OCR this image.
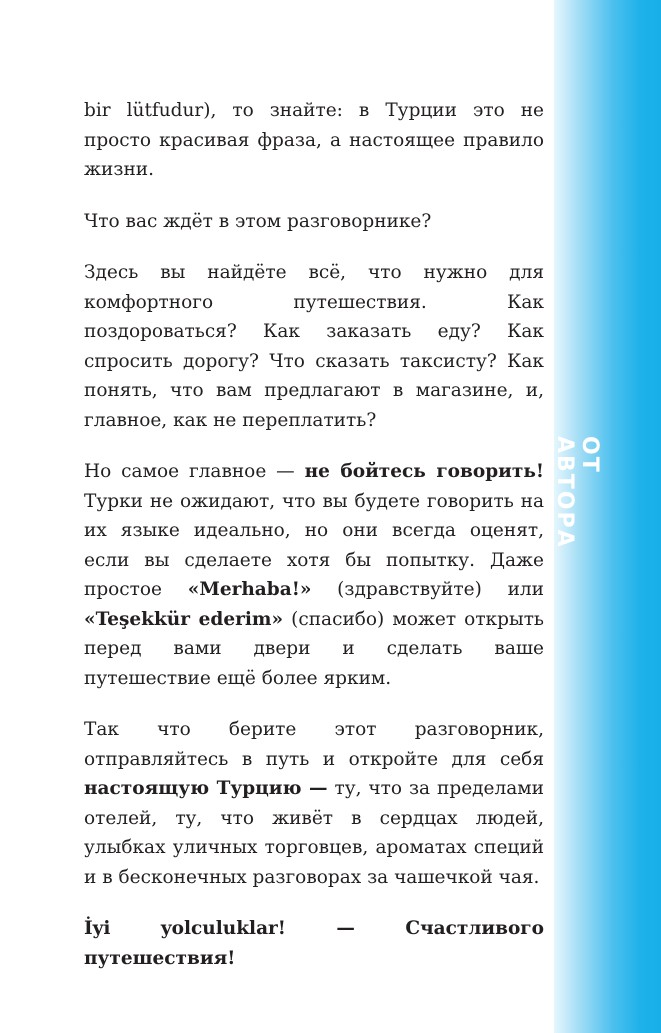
bir lütfudur), то знайте: в Турции это не просто красивая фраза, а настоящее правило жизни.

Что вас ждёт в этом разговорнике?

Здесь вы найдёте всё, что нужно для комфортного путешествия. Как поздороваться? Как заказать еду? Как спросить дорогу? Что сказать таксисту? Как понять, что вам предлагают в магазине, и, главное, как не переплатить?

Но самое главное — не бойтесь говорить! Турки не ожидают, что вы будете говорить на их языке идеально, но они всегда оценят, если вы сделаете хотя бы попытку. Даже простое «Merhaba!» (здравствуйте) или «Teşekkür ederim» (спасибо) может открыть перед вами двери и сделать ваше путешествие ещё более ярким.

Так что берите этот разговорник, отправляйтесь в путь и откройте для себя настоящую Турцию — ту, что за пределами отелей, ту, что живёт в сердцах людей, улыбках уличных торговцев, ароматах специй и в бесконечных разговорах за чашечкой чая.

İyi yolculuklar! — Счастливого путешествия!

ОТ АВТОРА
